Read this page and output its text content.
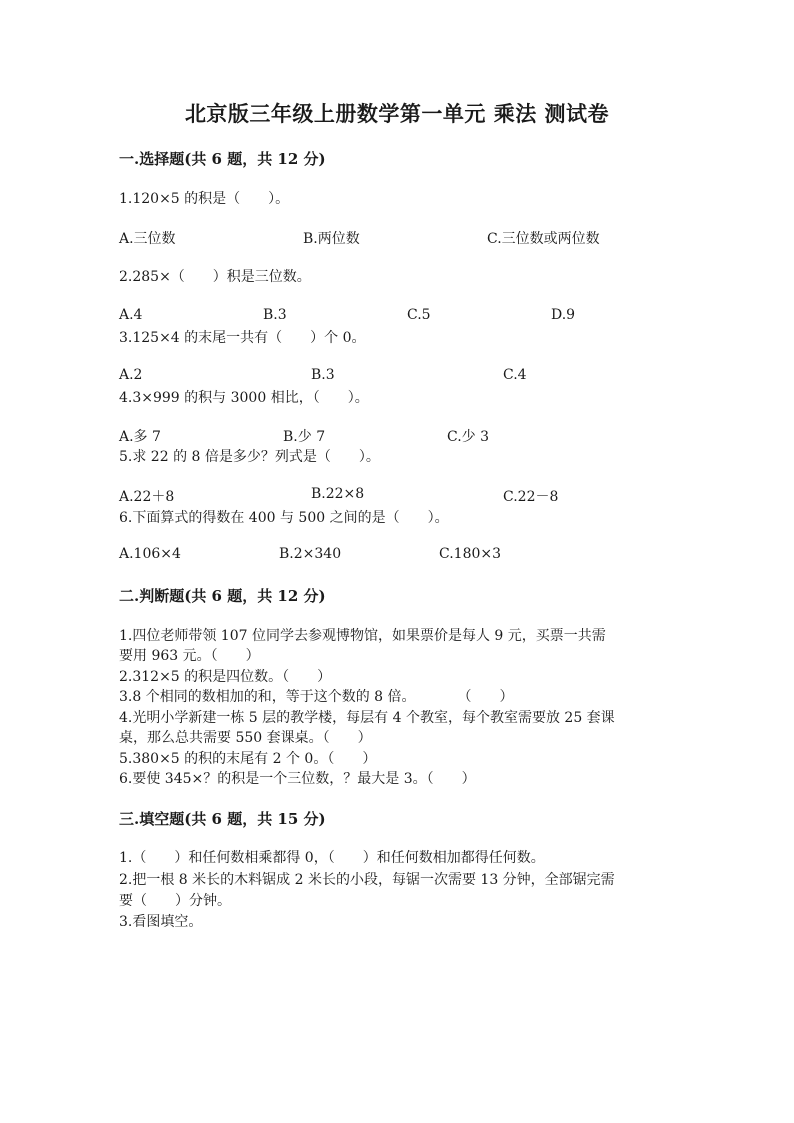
北京版三年级上册数学第一单元 乘法 测试卷
一.选择题(共 6 题，共 12 分)
1.120×5 的积是（　　）。
A.三位数	B.两位数	C.三位数或两位数
2.285×（　　）积是三位数。
A.4	B.3	C.5	D.9
3.125×4 的末尾一共有（　　）个 0。
A.2	B.3	C.4
4.3×999 的积与 3000 相比，（　　）。
A.多 7	B.少 7	C.少 3
5.求 22 的 8 倍是多少？列式是（　　）。
A.22＋8	B.22×8	C.22－8
6.下面算式的得数在 400 与 500 之间的是（　　）。
A.106×4	B.2×340	C.180×3
二.判断题(共 6 题，共 12 分)
1.四位老师带领 107 位同学去参观博物馆，如果票价是每人 9 元，买票一共需
要用 963 元。（　　）
2.312×5 的积是四位数。（　　）
3.8 个相同的数相加的和，等于这个数的 8 倍。　　　　（　　）
4.光明小学新建一栋 5 层的教学楼，每层有 4 个教室，每个教室需要放 25 套课
桌，那么总共需要 550 套课桌。（　　）
5.380×5 的积的末尾有 2 个 0。（　　）
6.要使 345×？的积是一个三位数，？最大是 3。（　　）
三.填空题(共 6 题，共 15 分)
1.（　　）和任何数相乘都得 0，（　　）和任何数相加都得任何数。
2.把一根 8 米长的木料锯成 2 米长的小段，每锯一次需要 13 分钟，全部锯完需
要（　　）分钟。
3.看图填空。
